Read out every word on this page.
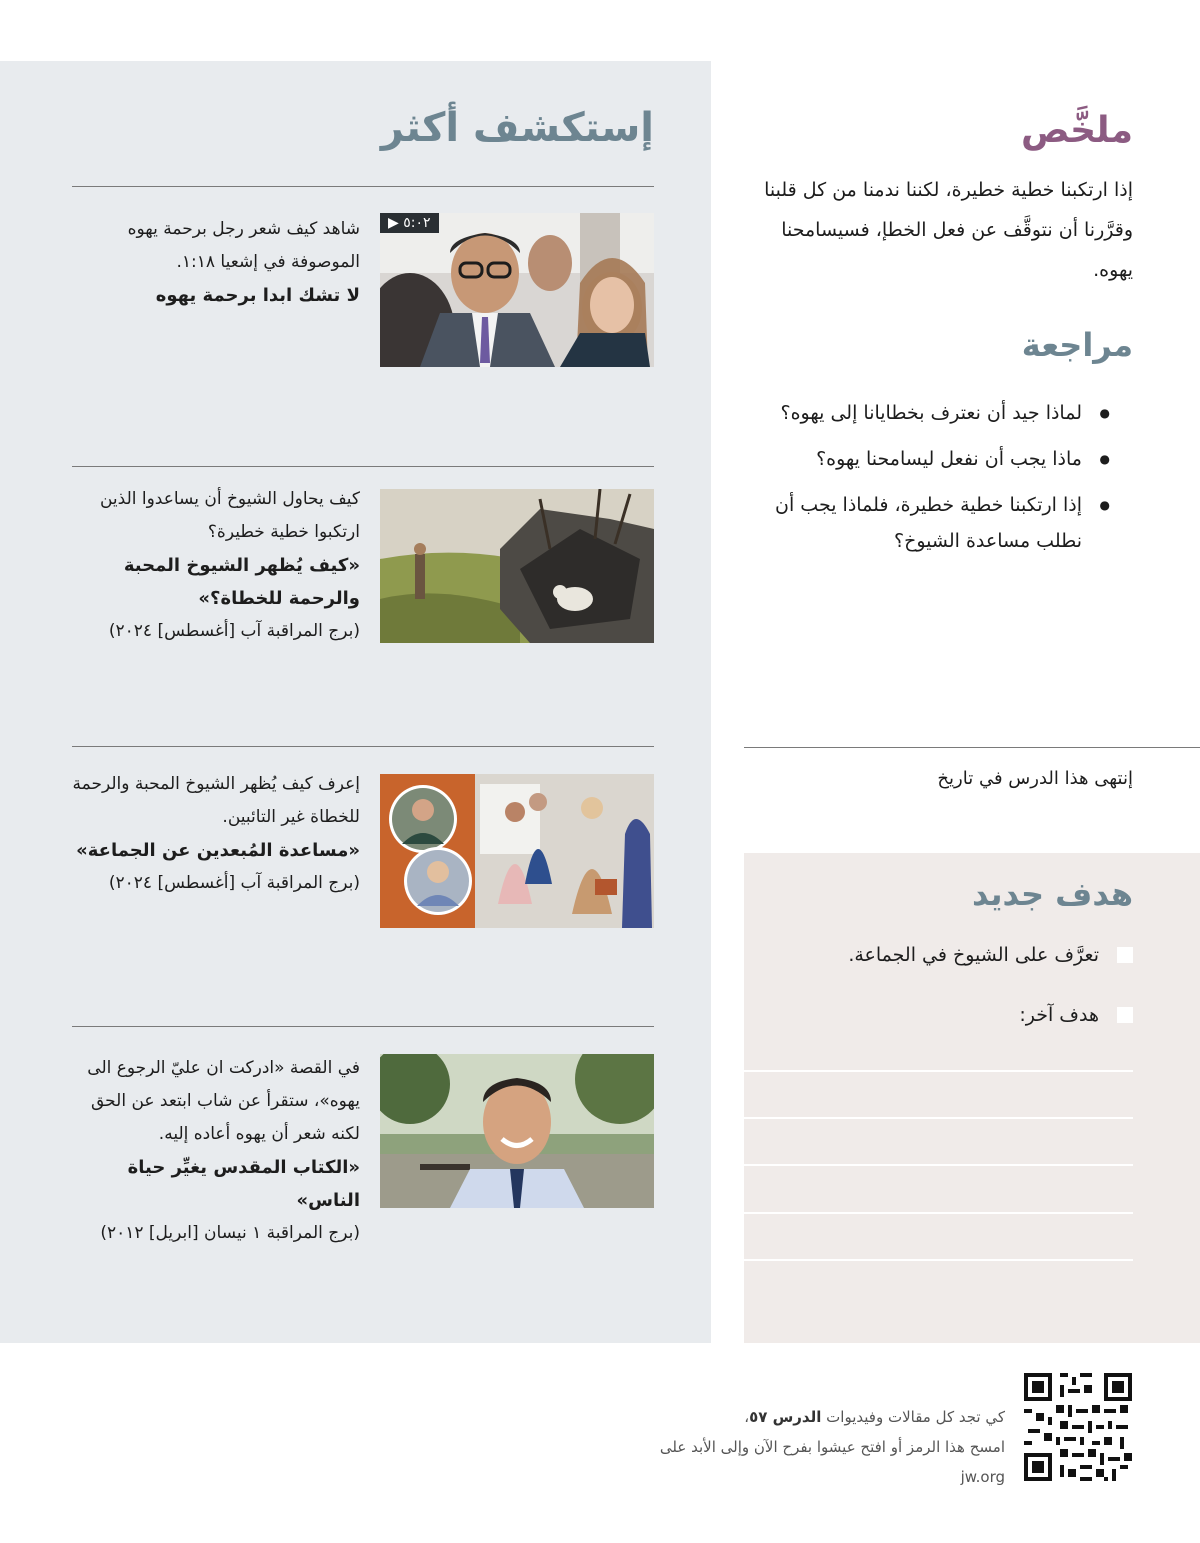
إستكشف أكثر
شاهد كيف شعر رجل برحمة يهوه الموصوفة في إشعيا ١:١٨.
لا تشك ابدا برحمة يهوه
٥:٠٢ ▶
كيف يحاول الشيوخ أن يساعدوا الذين ارتكبوا خطية خطيرة؟
«كيف يُظهر الشيوخ المحبة والرحمة للخطاة؟»
(برج المراقبة آب [أغسطس] ٢٠٢٤)
إعرف كيف يُظهر الشيوخ المحبة والرحمة للخطاة غير التائبين.
«مساعدة المُبعدين عن الجماعة»
(برج المراقبة آب [أغسطس] ٢٠٢٤)
في القصة «ادركت ان عليّ الرجوع الى يهوه»، ستقرأ عن شاب ابتعد عن الحق لكنه شعر أن يهوه أعاده إليه.
«الكتاب المقدس يغيِّر حياة الناس»
(برج المراقبة ١ نيسان [ابريل] ٢٠١٢)
ملخَّص
إذا ارتكبنا خطية خطيرة، لكننا ندمنا من كل قلبنا وقرَّرنا أن نتوقَّف عن فعل الخطإ، فسيسامحنا يهوه.
مراجعة
● لماذا جيد أن نعترف بخطايانا إلى يهوه؟
● ماذا يجب أن نفعل ليسامحنا يهوه؟
● إذا ارتكبنا خطية خطيرة، فلماذا يجب أن نطلب مساعدة الشيوخ؟
إنتهى هذا الدرس في تاريخ
هدف جديد
تعرَّف على الشيوخ في الجماعة.
هدف آخر:
كي تجد كل مقالات وفيديوات الدرس ٥٧،
امسح هذا الرمز أو افتح عيشوا بفرح الآن وإلى الأبد على jw.org
